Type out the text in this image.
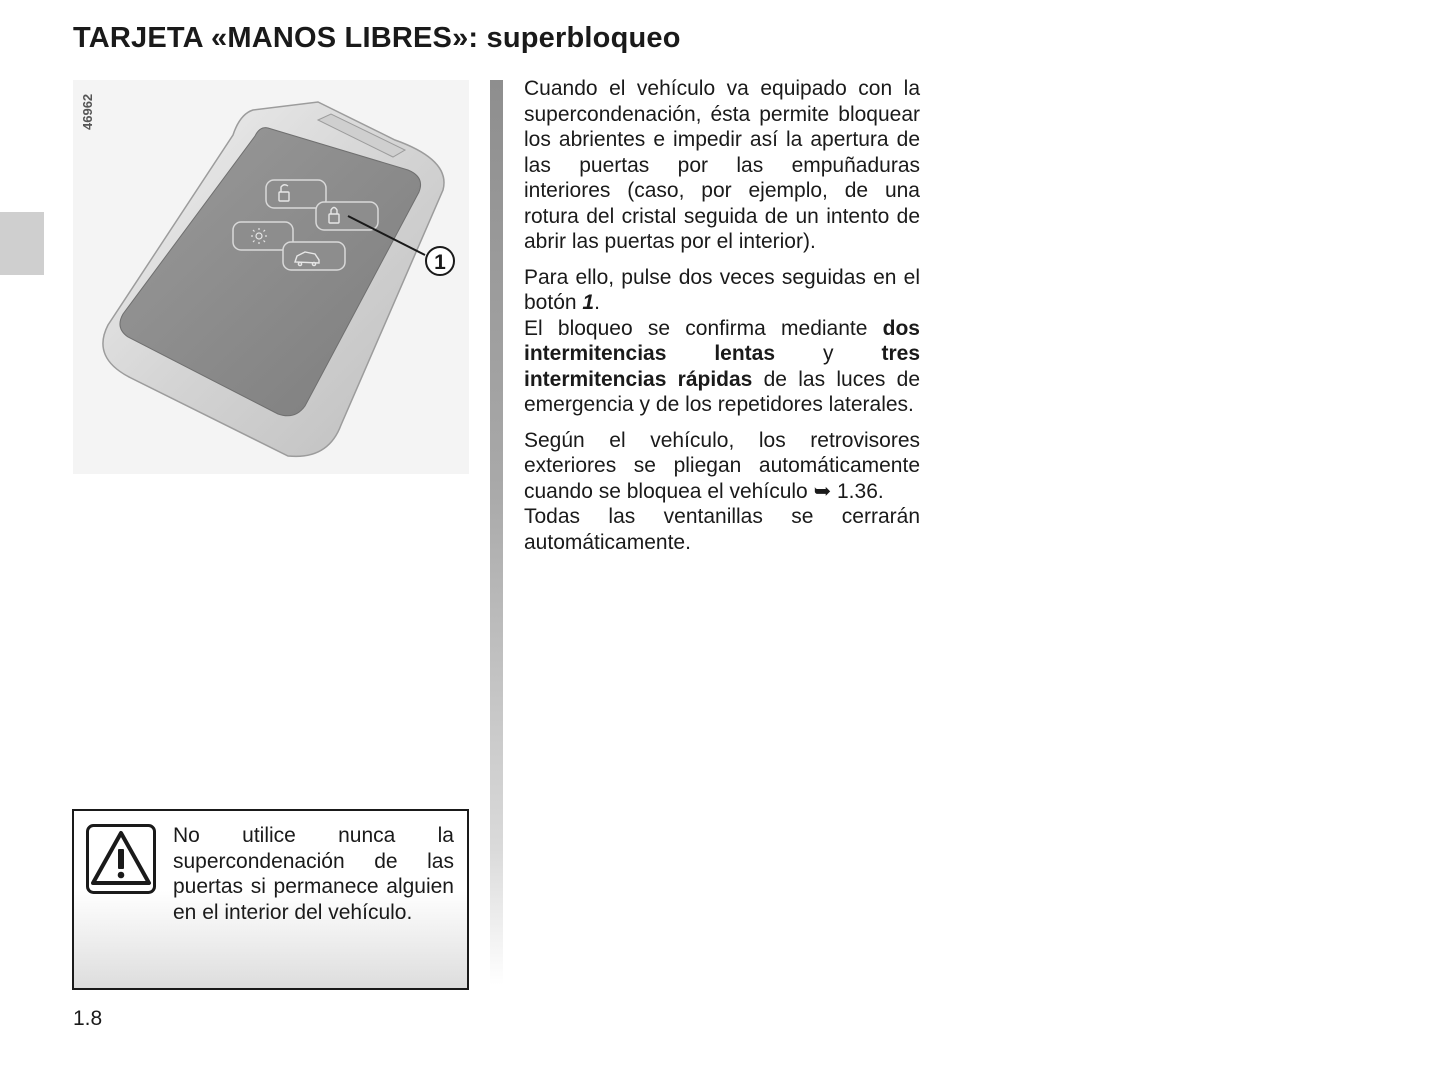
TARJETA «MANOS LIBRES»: superbloqueo
1
46962

Cuando el vehículo va equipado con la supercondenación, ésta permite bloquear los abrientes e impedir así la apertura de las puertas por las empuñaduras interiores (caso, por ejemplo, de una rotura del cristal seguida de un intento de abrir las puertas por el interior).

Para ello, pulse dos veces seguidas en el botón 1.

El bloqueo se confirma mediante dos intermitencias lentas y tres intermitencias rápidas de las luces de emergencia y de los repetidores laterales.

Según el vehículo, los retrovisores exteriores se pliegan automáticamente cuando se bloquea el vehículo ➥ 1.36.

Todas las ventanillas se cerrarán automáticamente.

No utilice nunca la supercondenación de las puertas si permanece alguien en el interior del vehículo.

1.8
